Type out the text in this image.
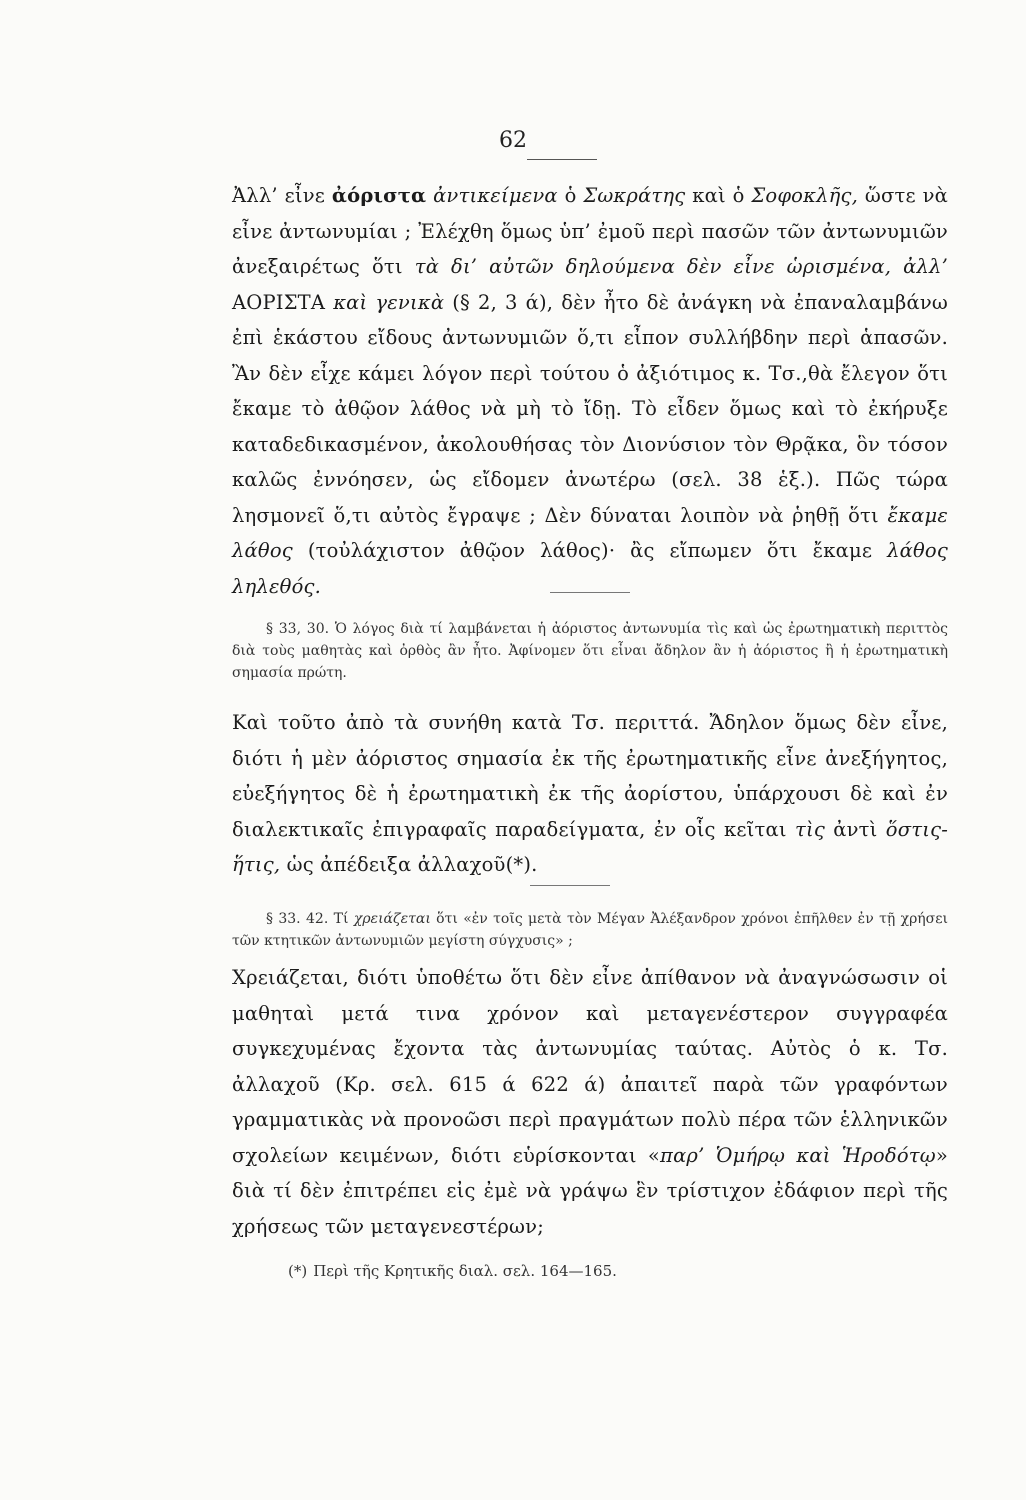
62

Ἀλλ’ εἶνε ἀόριστα ἀντικείμενα ὁ Σωκράτης καὶ ὁ Σοφοκλῆς, ὥστε νὰ εἶνε ἀντωνυμίαι ; Ἐλέχθη ὅμως ὑπ’ ἐμοῦ περὶ πασῶν τῶν ἀντωνυμιῶν ἀνεξαιρέτως ὅτι τὰ δι’ αὐτῶν δηλούμενα δὲν εἶνε ὡρισμένα, ἀλλ’ ΑΟΡΙΣΤΑ καὶ γενικὰ (§ 2, 3 ά), δὲν ἦτο δὲ ἀνάγκη νὰ ἐπαναλαμβάνω ἐπὶ ἑκάστου εἴδους ἀντωνυμιῶν ὅ,τι εἶπον συλλήβδην περὶ ἁπασῶν. Ἂν δὲν εἶχε κάμει λόγον περὶ τούτου ὁ ἀξιότιμος κ. Τσ.,θὰ ἔλεγον ὅτι ἔκαμε τὸ ἀθῷον λάθος νὰ μὴ τὸ ἴδῃ. Τὸ εἶδεν ὅμως καὶ τὸ ἐκήρυξε καταδεδικασμένον, ἀκολουθήσας τὸν Διονύσιον τὸν Θρᾷκα, ὃν τόσον καλῶς ἐννόησεν, ὡς εἴδομεν ἀνωτέρω (σελ. 38 ἑξ.). Πῶς τώρα λησμονεῖ ὅ,τι αὐτὸς ἔγραψε ; Δὲν δύναται λοιπὸν νὰ ῥηθῇ ὅτι ἔκαμε λάθος (τοὐλάχιστον ἀθῷον λάθος)· ἂς εἴπωμεν ὅτι ἔκαμε λάθος ληλεθός.

§ 33, 30. Ὁ λόγος διὰ τί λαμβάνεται ἡ ἀόριστος ἀντωνυμία τὶς καὶ ὡς ἐρωτηματικὴ περιττὸς διὰ τοὺς μαθητὰς καὶ ὀρθὸς ἂν ἦτο. Ἀφίνομεν ὅτι εἶναι ἄδηλον ἂν ἡ ἀόριστος ἢ ἡ ἐρωτηματικὴ σημασία πρώτη.

Καὶ τοῦτο ἀπὸ τὰ συνήθη κατὰ Τσ. περιττά. Ἄδηλον ὅμως δὲν εἶνε, διότι ἡ μὲν ἀόριστος σημασία ἐκ τῆς ἐρωτηματικῆς εἶνε ἀνεξήγητος, εὐεξήγητος δὲ ἡ ἐρωτηματικὴ ἐκ τῆς ἀορίστου, ὑπάρχουσι δὲ καὶ ἐν διαλεκτικαῖς ἐπιγραφαῖς παραδείγματα, ἐν οἷς κεῖται τὶς ἀντὶ ὅστις-ἥτις, ὡς ἀπέδειξα ἀλλαχοῦ(*).

§ 33. 42. Τί χρειάζεται ὅτι «ἐν τοῖς μετὰ τὸν Μέγαν Ἀλέξανδρον χρόνοι ἐπῆλθεν ἐν τῇ χρήσει τῶν κτητικῶν ἀντωνυμιῶν μεγίστη σύγχυσις» ;

Χρειάζεται, διότι ὑποθέτω ὅτι δὲν εἶνε ἀπίθανον νὰ ἀναγνώσωσιν οἱ μαθηταὶ μετά τινα χρόνον καὶ μεταγενέστερον συγγραφέα συγκεχυμένας ἔχοντα τὰς ἀντωνυμίας ταύτας. Αὐτὸς ὁ κ. Τσ. ἀλλαχοῦ (Κρ. σελ. 615 ά 622 ά) ἀπαιτεῖ παρὰ τῶν γραφόντων γραμματικὰς νὰ προνοῶσι περὶ πραγμάτων πολὺ πέρα τῶν ἑλληνικῶν σχολείων κειμένων, διότι εὑρίσκονται «παρ’ Ὁμήρῳ καὶ Ἡροδότῳ» διὰ τί δὲν ἐπιτρέπει εἰς ἐμὲ νὰ γράψω ἓν τρίστιχον ἐδάφιον περὶ τῆς χρήσεως τῶν μεταγενεστέρων;

(*) Περὶ τῆς Κρητικῆς διαλ. σελ. 164—165.
